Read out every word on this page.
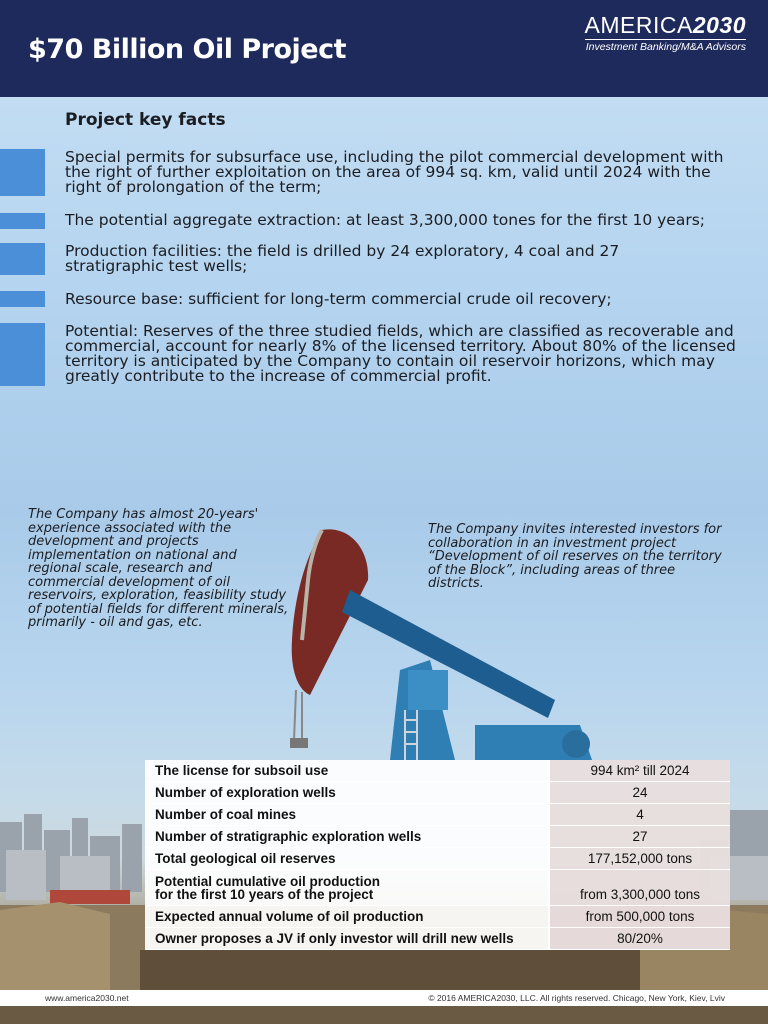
$70 Billion Oil Project
AMERICA2030
Investment Banking/M&A Advisors
Project key facts
Special permits for subsurface use, including the pilot commercial development with the right of further exploitation on the area of 994 sq. km, valid until 2024 with the right of prolongation of the term;
The potential aggregate extraction: at least 3,300,000 tones for the first 10 years;
Production facilities: the field is drilled by 24 exploratory, 4 coal and 27 stratigraphic test wells;
Resource base: sufficient for long-term commercial crude oil recovery;
Potential: Reserves of the three studied fields, which are classified as recoverable and commercial, account for nearly 8% of the licensed territory. About 80% of the licensed territory is anticipated by the Company to contain oil reservoir horizons, which may greatly contribute to the increase of commercial profit.
The Company has almost 20-years' experience associated with the development and projects implementation on national and regional scale, research and commercial development of oil reservoirs, exploration, feasibility study of potential fields for different minerals, primarily - oil and gas, etc.
The Company invites interested investors for collaboration in an investment project “Development of oil reserves on the territory of the Block”, including areas of three districts.
The license for subsoil use	994 km² till 2024
Number of exploration wells	24
Number of coal mines	4
Number of stratigraphic exploration wells	27
Total geological oil reserves	177,152,000 tons
Potential cumulative oil production
for the first 10 years of the project	from 3,300,000 tons
Expected annual volume of oil production	from 500,000 tons
Owner proposes a JV if only investor will drill new wells	80/20%
www.america2030.net	© 2016 AMERICA2030, LLC. All rights reserved. Chicago, New York, Kiev, Lviv
